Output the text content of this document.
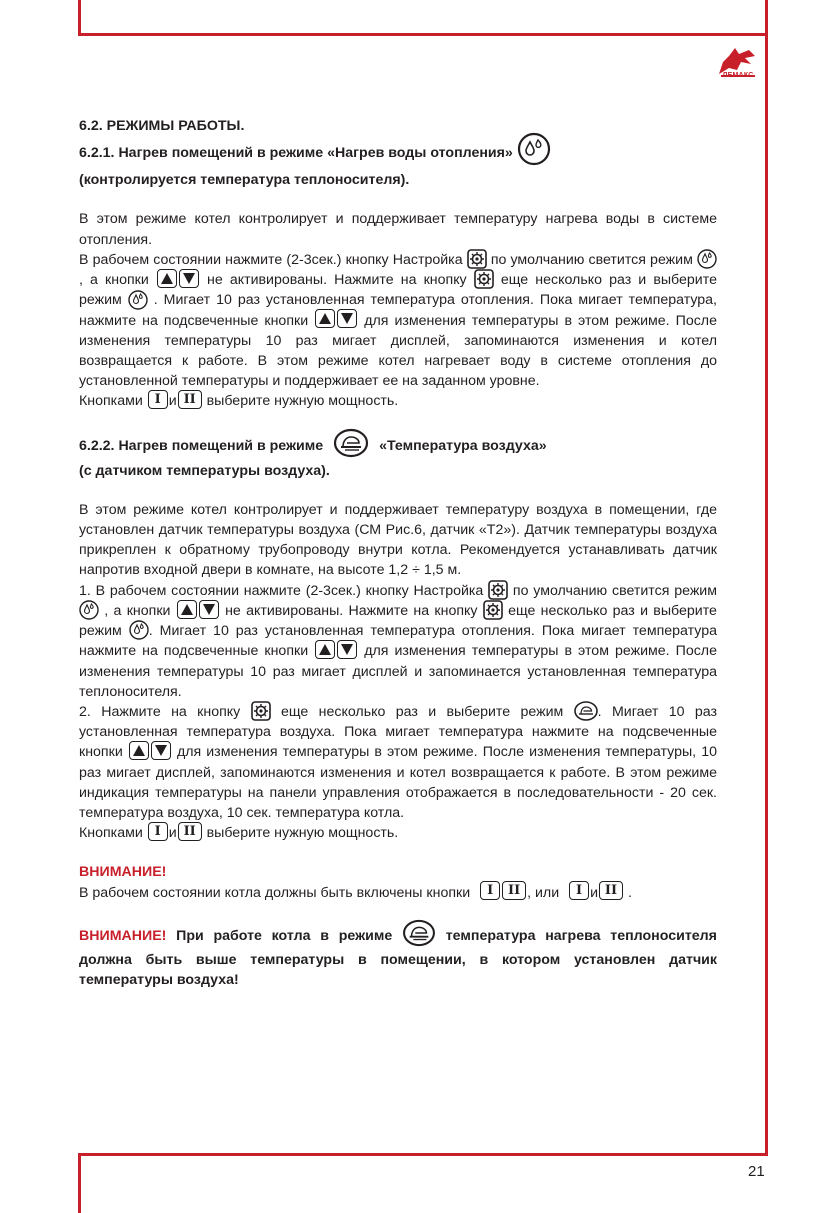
ЛЕМАКС
6.2. РЕЖИМЫ РАБОТЫ.
6.2.1. Нагрев помещений в режиме «Нагрев воды отопления»
(контролируется температура теплоносителя).
В этом режиме котел контролирует и поддерживает температуру нагрева воды в системе отопления.
В рабочем состоянии нажмите (2-3сек.) кнопку Настройка по умолчанию светится режим , а кнопки	не активированы. Нажмите на кнопку еще несколько раз и выберите режим . Мигает 10 раз установленная температура отопления. Пока мигает температура, нажмите на подсвеченные кнопки	для изменения температуры в этом режиме. После изменения температуры 10 раз мигает дисплей, запоминаются изменения и котел возвращается к работе. В этом режиме котел нагревает воду в системе отопления до установленной температуры и поддерживает ее на заданном уровне.
Кнопками I и II выберите нужную мощность.
6.2.2. Нагрев помещений в режиме	«Температура воздуха»
(с датчиком температуры воздуха).
В этом режиме котел контролирует и поддерживает температуру воздуха в помещении, где установлен датчик температуры воздуха (СМ Рис.6, датчик «Т2»). Датчик температуры воздуха прикреплен к обратному трубопроводу внутри котла. Рекомендуется устанавливать датчик напротив входной двери в комнате, на высоте 1,2 ÷ 1,5 м.
1. В рабочем состоянии нажмите (2-3сек.) кнопку Настройка по умолчанию светится режим  , а кнопки	не активированы. Нажмите на кнопку еще несколько раз и выберите режим . Мигает 10 раз установленная температура отопления. Пока мигает температура нажмите на подсвеченные кнопки	для изменения температуры в этом режиме. После изменения температуры 10 раз мигает дисплей и запоминается установленная температура теплоносителя.
2. Нажмите на кнопку	еще несколько раз и выберите режим . Мигает 10 раз установленная температура воздуха. Пока мигает температура нажмите на подсвеченные кнопки	для изменения температуры в этом режиме. После изменения температуры, 10 раз мигает дисплей, запоминаются изменения и котел возвращается к работе. В этом режиме индикация температуры на панели управления отображается в последовательности - 20 сек. температура воздуха, 10 сек. температура котла.
Кнопками I и II выберите нужную мощность.
ВНИМАНИЕ!
В рабочем состоянии котла должны быть включены кнопки I II , или I и II .
ВНИМАНИЕ! При работе котла в режиме	температура нагрева теплоносителя должна быть выше температуры в помещении, в котором установлен датчик температуры воздуха!
21
